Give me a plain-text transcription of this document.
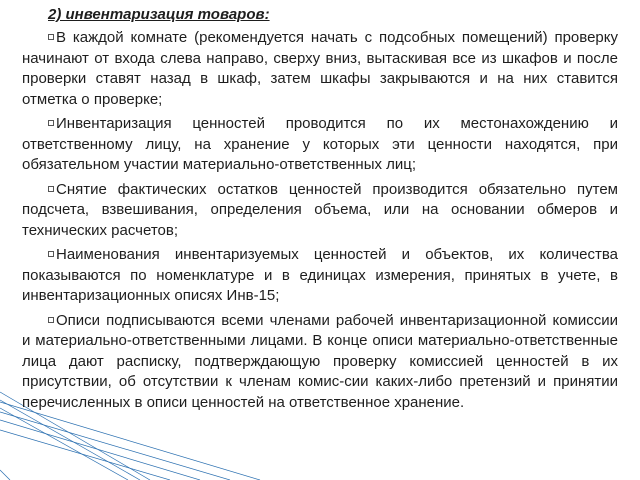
2) инвентаризация товаров:

В каждой комнате (рекомендуется начать с подсобных помещений) проверку начинают от входа слева направо, сверху вниз, вытаскивая все из шкафов и после проверки ставят назад в шкаф, затем шкафы закрываются и на них ставится отметка о проверке;

Инвентаризация ценностей проводится по их местонахождению и ответственному лицу, на хранение у которых эти ценности находятся, при обязательном участии материально-ответственных лиц;

Снятие фактических остатков ценностей производится обязательно путем подсчета, взвешивания, определения объема, или на основании обмеров и технических расчетов;

Наименования инвентаризуемых ценностей и объектов, их количества показываются по номенклатуре и в единицах измерения, принятых в учете, в инвентаризационных описях Инв-15;

Описи подписываются всеми членами рабочей инвентаризационной комиссии и материально-ответственными лицами. В конце описи материально-ответственные лица дают расписку, подтверждающую проверку комиссией ценностей в их присутствии, об отсутствии к членам комис-сии каких-либо претензий и принятии перечисленных в описи ценностей на ответственное хранение.
